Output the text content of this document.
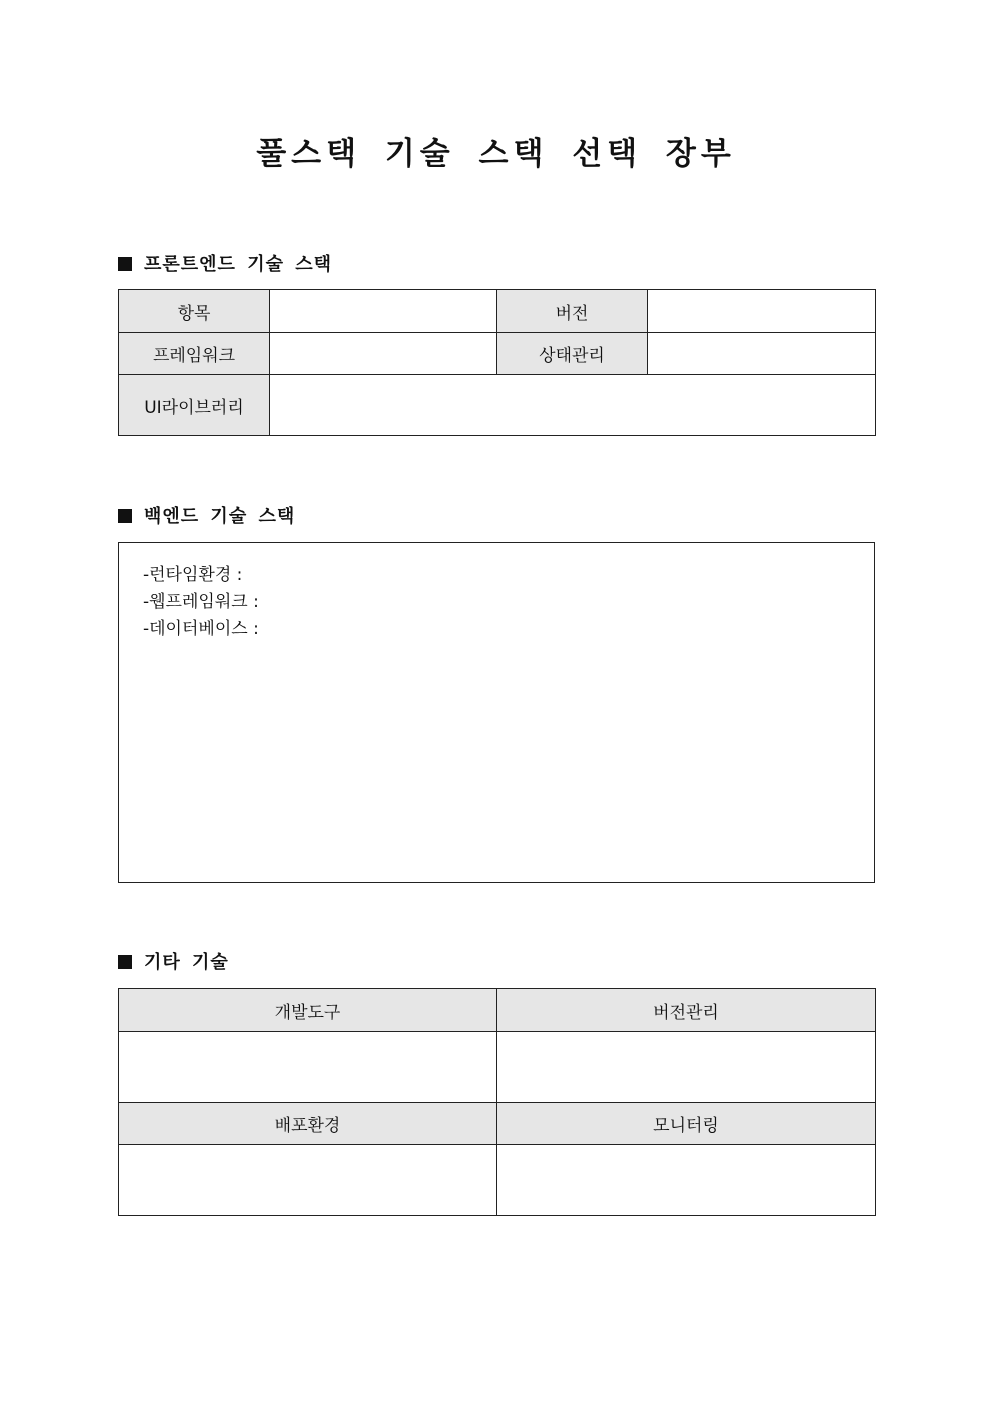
풀스택 기술 스택 선택 장부
프론트엔드 기술 스택
항목		버전	
프레임워크		상태관리	
UI라이브러리			
백엔드 기술 스택
-런타임환경 :
-웹프레임워크 :
-데이터베이스 :
기타 기술
개발도구	버전관리

배포환경	모니터링
